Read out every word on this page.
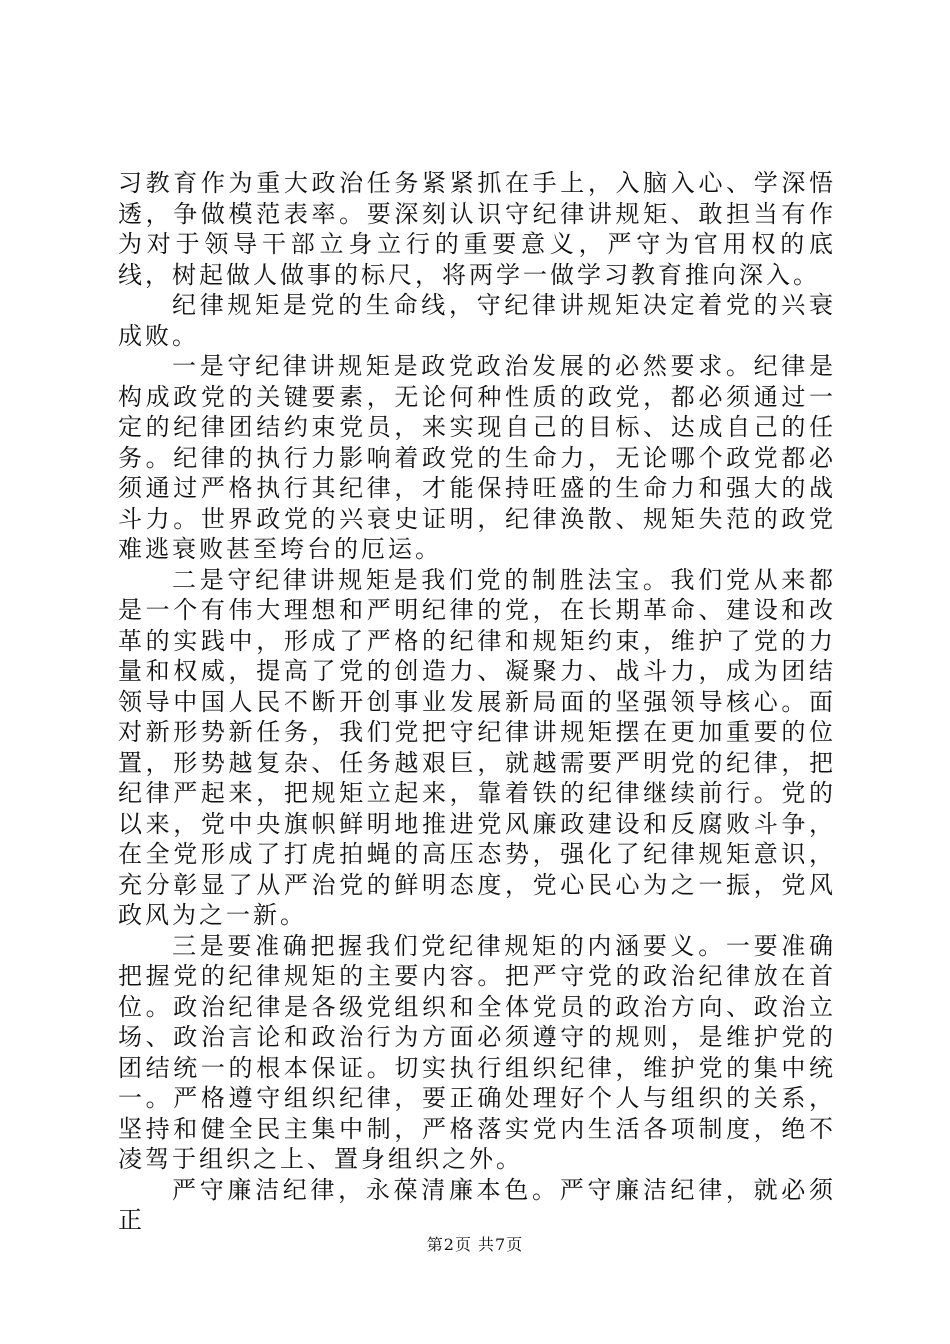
习教育作为重大政治任务紧紧抓在手上，入脑入心、学深悟透，争做模范表率。要深刻认识守纪律讲规矩、敢担当有作为对于领导干部立身立行的重要意义，严守为官用权的底线，树起做人做事的标尺，将两学一做学习教育推向深入。

纪律规矩是党的生命线，守纪律讲规矩决定着党的兴衰成败。

一是守纪律讲规矩是政党政治发展的必然要求。纪律是构成政党的关键要素，无论何种性质的政党，都必须通过一定的纪律团结约束党员，来实现自己的目标、达成自己的任务。纪律的执行力影响着政党的生命力，无论哪个政党都必须通过严格执行其纪律，才能保持旺盛的生命力和强大的战斗力。世界政党的兴衰史证明，纪律涣散、规矩失范的政党难逃衰败甚至垮台的厄运。

二是守纪律讲规矩是我们党的制胜法宝。我们党从来都是一个有伟大理想和严明纪律的党，在长期革命、建设和改革的实践中，形成了严格的纪律和规矩约束，维护了党的力量和权威，提高了党的创造力、凝聚力、战斗力，成为团结领导中国人民不断开创事业发展新局面的坚强领导核心。面对新形势新任务，我们党把守纪律讲规矩摆在更加重要的位置，形势越复杂、任务越艰巨，就越需要严明党的纪律，把纪律严起来，把规矩立起来，靠着铁的纪律继续前行。党的以来，党中央旗帜鲜明地推进党风廉政建设和反腐败斗争，在全党形成了打虎拍蝇的高压态势，强化了纪律规矩意识，充分彰显了从严治党的鲜明态度，党心民心为之一振，党风政风为之一新。

三是要准确把握我们党纪律规矩的内涵要义。一要准确把握党的纪律规矩的主要内容。把严守党的政治纪律放在首位。政治纪律是各级党组织和全体党员的政治方向、政治立场、政治言论和政治行为方面必须遵守的规则，是维护党的团结统一的根本保证。切实执行组织纪律，维护党的集中统一。严格遵守组织纪律，要正确处理好个人与组织的关系，坚持和健全民主集中制，严格落实党内生活各项制度，绝不凌驾于组织之上、置身组织之外。

严守廉洁纪律，永葆清廉本色。严守廉洁纪律，就必须正

第2页 共7页
